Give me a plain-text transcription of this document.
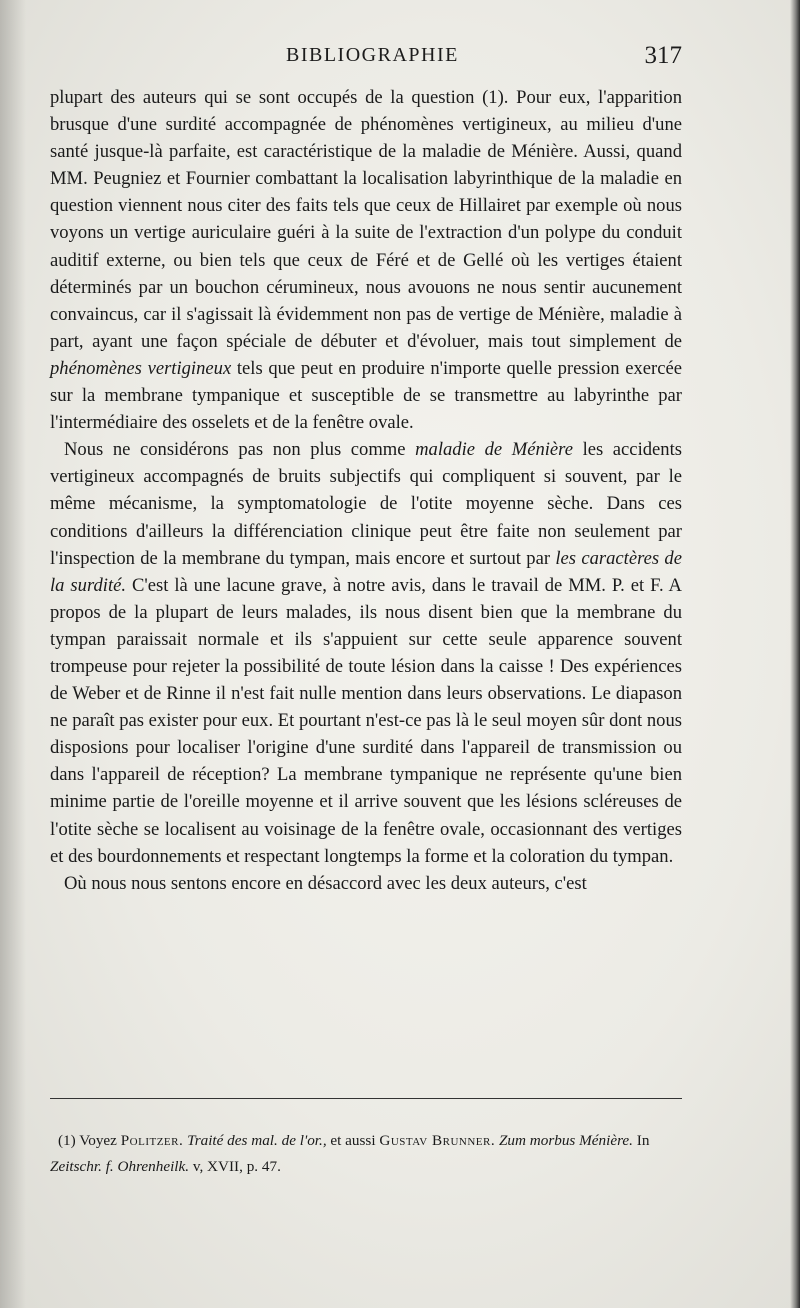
BIBLIOGRAPHIE	317

plupart des auteurs qui se sont occupés de la question (1). Pour eux, l'apparition brusque d'une surdité accompagnée de phénomènes vertigineux, au milieu d'une santé jusque-là parfaite, est caractéristique de la maladie de Ménière. Aussi, quand MM. Peugniez et Fournier combattant la localisation labyrinthique de la maladie en question viennent nous citer des faits tels que ceux de Hillairet par exemple où nous voyons un vertige auriculaire guéri à la suite de l'extraction d'un polype du conduit auditif externe, ou bien tels que ceux de Féré et de Gellé où les vertiges étaient déterminés par un bouchon cérumineux, nous avouons ne nous sentir aucunement convaincus, car il s'agissait là évidemment non pas de vertige de Ménière, maladie à part, ayant une façon spéciale de débuter et d'évoluer, mais tout simplement de phénomènes vertigineux tels que peut en produire n'importe quelle pression exercée sur la membrane tympanique et susceptible de se transmettre au labyrinthe par l'intermédiaire des osselets et de la fenêtre ovale.

Nous ne considérons pas non plus comme maladie de Ménière les accidents vertigineux accompagnés de bruits subjectifs qui compliquent si souvent, par le même mécanisme, la symptomatologie de l'otite moyenne sèche. Dans ces conditions d'ailleurs la différenciation clinique peut être faite non seulement par l'inspection de la membrane du tympan, mais encore et surtout par les caractères de la surdité. C'est là une lacune grave, à notre avis, dans le travail de MM. P. et F. A propos de la plupart de leurs malades, ils nous disent bien que la membrane du tympan paraissait normale et ils s'appuient sur cette seule apparence souvent trompeuse pour rejeter la possibilité de toute lésion dans la caisse ! Des expériences de Weber et de Rinne il n'est fait nulle mention dans leurs observations. Le diapason ne paraît pas exister pour eux. Et pourtant n'est-ce pas là le seul moyen sûr dont nous disposions pour localiser l'origine d'une surdité dans l'appareil de transmission ou dans l'appareil de réception? La membrane tympanique ne représente qu'une bien minime partie de l'oreille moyenne et il arrive souvent que les lésions scléreuses de l'otite sèche se localisent au voisinage de la fenêtre ovale, occasionnant des vertiges et des bourdonnements et respectant longtemps la forme et la coloration du tympan.

Où nous nous sentons encore en désaccord avec les deux auteurs, c'est

(1) Voyez Politzer. Traité des mal. de l'or., et aussi Gustav Brunner. Zum morbus Ménière. In Zeitschr. f. Ohrenheilk. v, XVII, p. 47.
